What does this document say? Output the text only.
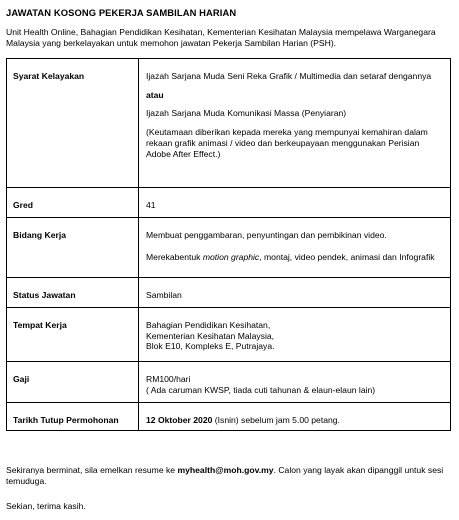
JAWATAN KOSONG PEKERJA SAMBILAN HARIAN
Unit Health Online, Bahagian Pendidikan Kesihatan, Kementerian Kesihatan Malaysia mempelawa Warganegara Malaysia yang berkelayakan untuk memohon jawatan Pekerja Sambilan Harian (PSH).
Syarat Kelayakan	Ijazah Sarjana Muda Seni Reka Grafik / Multimedia dan setaraf dengannya
atau
Ijazah Sarjana Muda Komunikasi Massa (Penyiaran)
(Keutamaan diberikan kepada mereka yang mempunyai kemahiran dalam rekaan grafik animasi / video dan berkeupayaan menggunakan Perisian Adobe After Effect.)

Gred	41
Bidang Kerja	Membuat penggambaran, penyuntingan dan pembikinan video.
Merekabentuk motion graphic, montaj, video pendek, animasi dan Infografik

Status Jawatan	Sambilan
Tempat Kerja	Bahagian Pendidikan Kesihatan,
Kementerian Kesihatan Malaysia,
Blok E10, Kompleks E, Putrajaya.

Gaji	RM100/hari
( Ada caruman KWSP, tiada cuti tahunan & elaun-elaun lain)

Tarikh Tutup Permohonan	12 Oktober 2020 (Isnin) sebelum jam 5.00 petang.
Sekiranya berminat, sila emelkan resume ke myhealth@moh.gov.my. Calon yang layak akan dipanggil untuk sesi temuduga.
Sekian, terima kasih.
